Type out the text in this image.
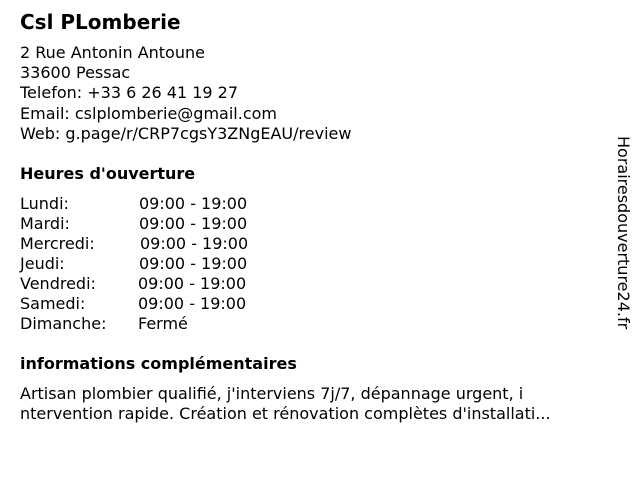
Csl PLomberie
2 Rue Antonin Antoune
33600 Pessac
Telefon: +33 6 26 41 19 27
Email: cslplomberie@gmail.com
Web: g.page/r/CRP7cgsY3ZNgEAU/review
Heures d'ouverture
Lundi:	09:00 - 19:00
Mardi:	09:00 - 19:00
Mercredi:	09:00 - 19:00
Jeudi:	09:00 - 19:00
Vendredi:	09:00 - 19:00
Samedi:	09:00 - 19:00
Dimanche: Fermé
informations complémentaires
Artisan plombier qualifié, j'interviens 7j/7, dépannage urgent, i
ntervention rapide. Création et rénovation complètes d'installati...
Horairesdouverture24.fr
